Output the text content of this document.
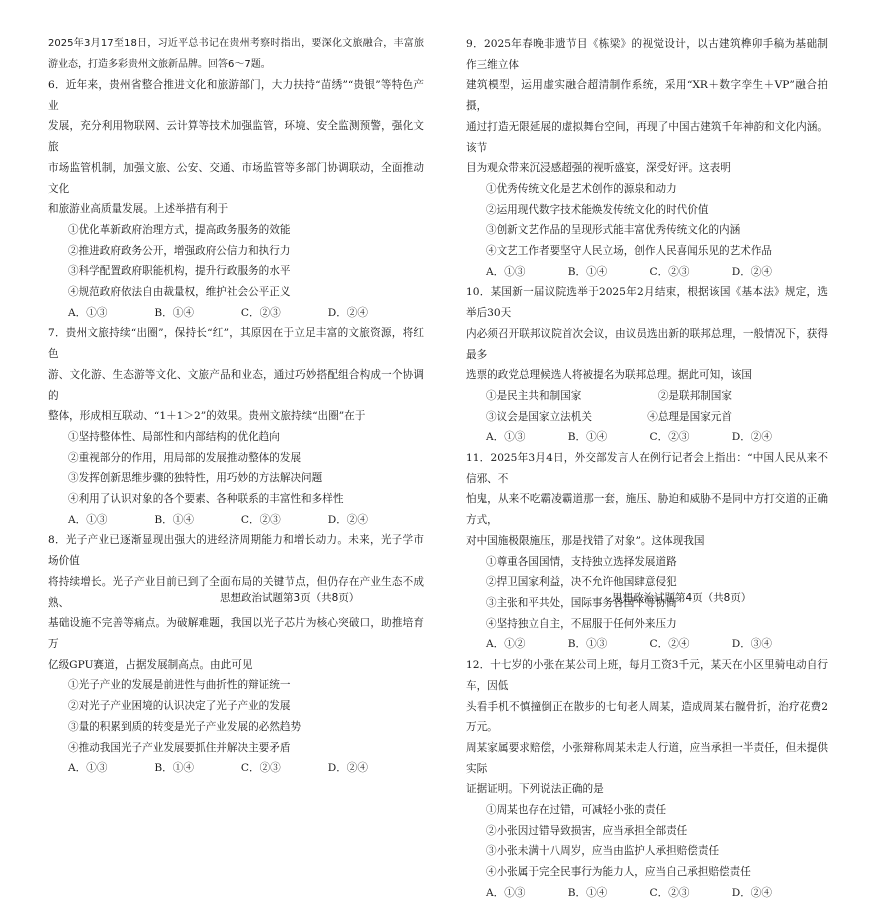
2025年3月17至18日，习近平总书记在贵州考察时指出，要深化文旅融合，丰富旅游业态，打造多彩贵州文旅新品牌。回答6～7题。

6．近年来，贵州省整合推进文化和旅游部门，大力扶持“苗绣”“贵银”等特色产业

发展，充分利用物联网、云计算等技术加强监管，环境、安全监测预警，强化文旅

市场监管机制，加强文旅、公安、交通、市场监管等多部门协调联动，全面推动文化

和旅游业高质量发展。上述举措有利于

①优化革新政府治理方式，提高政务服务的效能

②推进政府政务公开，增强政府公信力和执行力

③科学配置政府职能机构，提升行政服务的水平

④规范政府依法自由裁量权，维护社会公平正义

A．①③	B．①④	C．②③	D．②④

7．贵州文旅持续“出圈”，保持长“红”，其原因在于立足丰富的文旅资源，将红色

游、文化游、生态游等文化、文旅产品和业态，通过巧妙搭配组合构成一个协调的

整体，形成相互联动、“1＋1＞2”的效果。贵州文旅持续“出圈”在于

①坚持整体性、局部性和内部结构的优化趋向

②重视部分的作用，用局部的发展推动整体的发展

③发挥创新思维步骤的独特性，用巧妙的方法解决问题

④利用了认识对象的各个要素、各种联系的丰富性和多样性

A．①③	B．①④	C．②③	D．②④

8．光子产业已逐渐显现出强大的进经济周期能力和增长动力。未来，光子学市场价值

将持续增长。光子产业目前已到了全面布局的关键节点，但仍存在产业生态不成熟、

基础设施不完善等痛点。为破解难题，我国以光子芯片为核心突破口，助推培育万

亿级GPU赛道，占据发展制高点。由此可见

①光子产业的发展是前进性与曲折性的辩证统一

②对光子产业困境的认识决定了光子产业的发展

③量的积累到质的转变是光子产业发展的必然趋势

④推动我国光子产业发展要抓住并解决主要矛盾

A．①③	B．①④	C．②③	D．②④

9．2025年春晚非遗节目《栋梁》的视觉设计，以古建筑榫卯手稿为基础制作三维立体

建筑模型，运用虚实融合超清制作系统，采用“XR＋数字孪生＋VP”融合拍摄，

通过打造无限延展的虚拟舞台空间，再现了中国古建筑千年神韵和文化内涵。该节

目为观众带来沉浸感超强的视听盛宴，深受好评。这表明

①优秀传统文化是艺术创作的源泉和动力

②运用现代数字技术能焕发传统文化的时代价值

③创新文艺作品的呈现形式能丰富优秀传统文化的内涵

④文艺工作者要坚守人民立场，创作人民喜闻乐见的艺术作品

A．①③	B．①④	C．②③	D．②④

10．某国新一届议院选举于2025年2月结束，根据该国《基本法》规定，选举后30天

内必须召开联邦议院首次会议，由议员选出新的联邦总理，一般情况下，获得最多

选票的政党总理候选人将被提名为联邦总理。据此可知，该国

①是民主共和制国家	②是联邦制国家
③议会是国家立法机关	④总理是国家元首
A．①③	B．①④	C．②③	D．②④

11．2025年3月4日，外交部发言人在例行记者会上指出：“中国人民从来不信邪、不

怕鬼，从来不吃霸凌霸道那一套，施压、胁迫和威胁不是同中方打交道的正确方式，

对中国施极限施压，那是找错了对象”。这体现我国

①尊重各国国情，支持独立选择发展道路

②捍卫国家利益，决不允许他国肆意侵犯

③主张和平共处，国际事务各国平等协商

④坚持独立自主，不屈服于任何外来压力

A．①②	B．①③	C．②④	D．③④

12．十七岁的小张在某公司上班，每月工资3千元，某天在小区里骑电动自行车，因低

头看手机不慎撞倒正在散步的七旬老人周某，造成周某右髋骨折，治疗花费2万元。

周某家属要求赔偿，小张辩称周某未走人行道，应当承担一半责任，但未提供实际

证据证明。下列说法正确的是

①周某也存在过错，可减轻小张的责任

②小张因过错导致损害，应当承担全部责任

③小张未满十八周岁，应当由监护人承担赔偿责任

④小张属于完全民事行为能力人，应当自己承担赔偿责任

A．①③	B．①④	C．②③	D．②④
思想政治试题第3页（共8页）	思想政治试题第4页（共8页）
